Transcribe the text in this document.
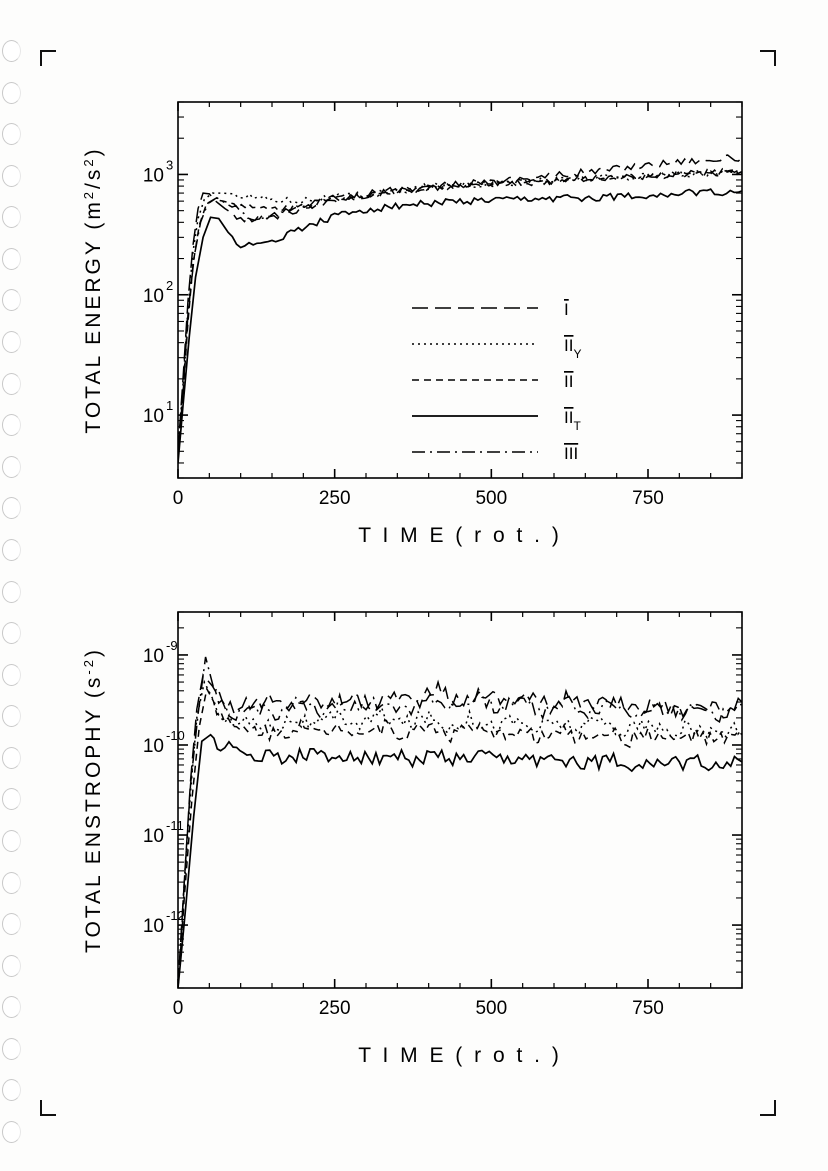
0	250	500	750
10
1
10
2
10
3
T I M E ( r o t . )
TOTAL ENERGY $(m^2/s^2)$
I
$II_Y$
II
$II_T$
III
0	250	500	750
10
-12
10
-11
10
-10
10
-9
T I M E ( r o t . )
TOTAL ENSTROPHY $(s^{-2})$
